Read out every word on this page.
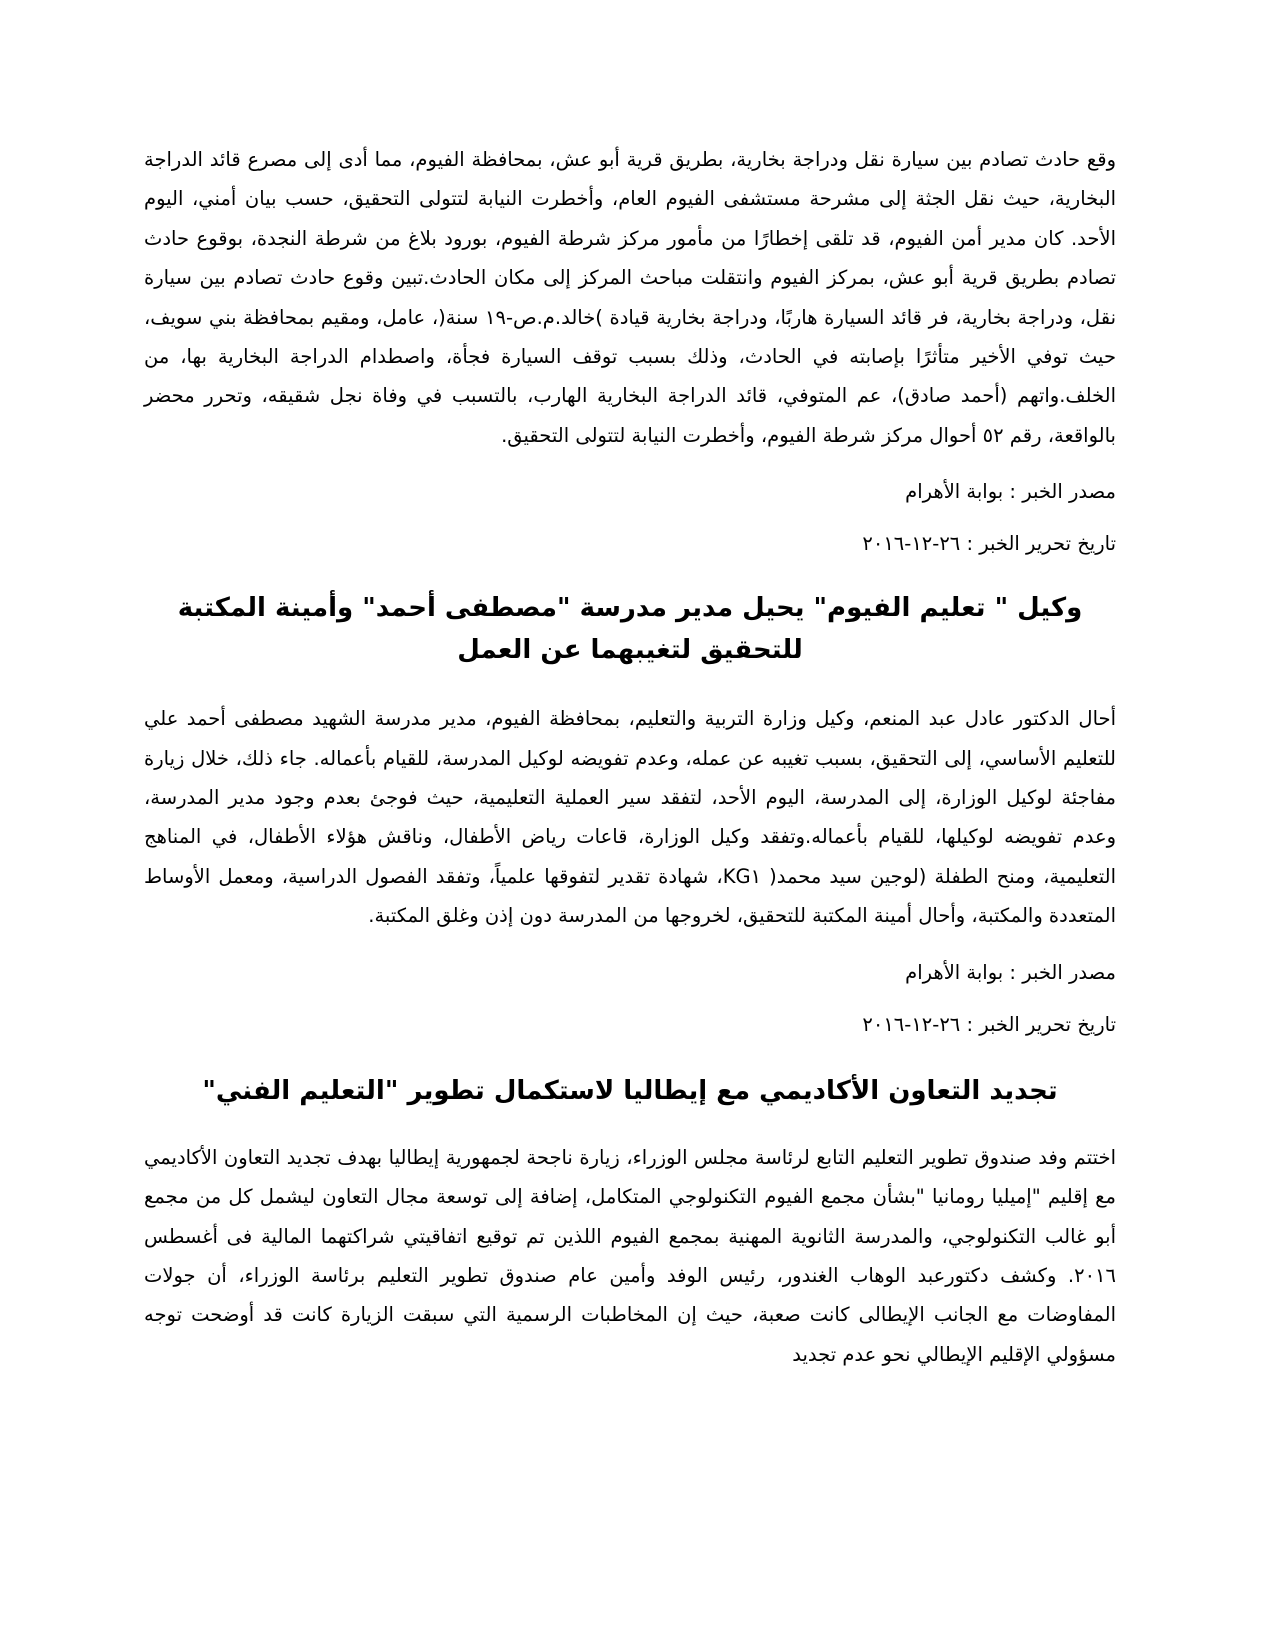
وقع حادث تصادم بين سيارة نقل ودراجة بخارية، بطريق قرية أبو عش، بمحافظة الفيوم، مما أدى إلى مصرع قائد الدراجة البخارية، حيث نقل الجثة إلى مشرحة مستشفى الفيوم العام، وأخطرت النيابة لتتولى التحقيق، حسب بيان أمني، اليوم الأحد. كان مدير أمن الفيوم، قد تلقى إخطارًا من مأمور مركز شرطة الفيوم، بورود بلاغ من شرطة النجدة، بوقوع حادث تصادم بطريق قرية أبو عش، بمركز الفيوم وانتقلت مباحث المركز إلى مكان الحادث.تبين وقوع حادث تصادم بين سيارة نقل، ودراجة بخارية، فر قائد السيارة هاربًا، ودراجة بخارية قيادة )خالد.م.ص-١٩ سنة(، عامل، ومقيم بمحافظة بني سويف، حيث توفي الأخير متأثرًا بإصابته في الحادث، وذلك بسبب توقف السيارة فجأة، واصطدام الدراجة البخارية بها، من الخلف.واتهم (أحمد صادق)، عم المتوفي، قائد الدراجة البخارية الهارب، بالتسبب في وفاة نجل شقيقه، وتحرر محضر بالواقعة، رقم ٥٢ أحوال مركز شرطة الفيوم، وأخطرت النيابة لتتولى التحقيق.

مصدر الخبر : بوابة الأهرام

تاريخ تحرير الخبر : ٢٦-١٢-٢٠١٦

وكيل " تعليم الفيوم" يحيل مدير مدرسة "مصطفى أحمد" وأمينة المكتبة للتحقيق لتغيبهما عن العمل

أحال الدكتور عادل عبد المنعم، وكيل وزارة التربية والتعليم، بمحافظة الفيوم، مدير مدرسة الشهيد مصطفى أحمد علي للتعليم الأساسي، إلى التحقيق، بسبب تغيبه عن عمله، وعدم تفويضه لوكيل المدرسة، للقيام بأعماله. جاء ذلك، خلال زيارة مفاجئة لوكيل الوزارة، إلى المدرسة، اليوم الأحد، لتفقد سير العملية التعليمية، حيث فوجئ بعدم وجود مدير المدرسة، وعدم تفويضه لوكيلها، للقيام بأعماله.وتفقد وكيل الوزارة، قاعات رياض الأطفال، وناقش هؤلاء الأطفال، في المناهج التعليمية، ومنح الطفلة (لوجين سيد محمد( KG١، شهادة تقدير لتفوقها علمياً، وتفقد الفصول الدراسية، ومعمل الأوساط المتعددة والمكتبة، وأحال أمينة المكتبة للتحقيق، لخروجها من المدرسة دون إذن وغلق المكتبة.

مصدر الخبر : بوابة الأهرام

تاريخ تحرير الخبر : ٢٦-١٢-٢٠١٦

تجديد التعاون الأكاديمي مع إيطاليا لاستكمال تطوير "التعليم الفني"

اختتم وفد صندوق تطوير التعليم التابع لرئاسة مجلس الوزراء، زيارة ناجحة لجمهورية إيطاليا بهدف تجديد التعاون الأكاديمي مع إقليم "إميليا رومانيا "بشأن مجمع الفيوم التكنولوجي المتكامل، إضافة إلى توسعة مجال التعاون ليشمل كل من مجمع أبو غالب التكنولوجي، والمدرسة الثانوية المهنية بمجمع الفيوم اللذين تم توقيع اتفاقيتي شراكتهما المالية فى أغسطس ٢٠١٦. وكشف دكتورعبد الوهاب الغندور، رئيس الوفد وأمين عام صندوق تطوير التعليم برئاسة الوزراء، أن جولات المفاوضات مع الجانب الإيطالى كانت صعبة، حيث إن المخاطبات الرسمية التي سبقت الزيارة كانت قد أوضحت توجه مسؤولي الإقليم الإيطالي نحو عدم تجديد
